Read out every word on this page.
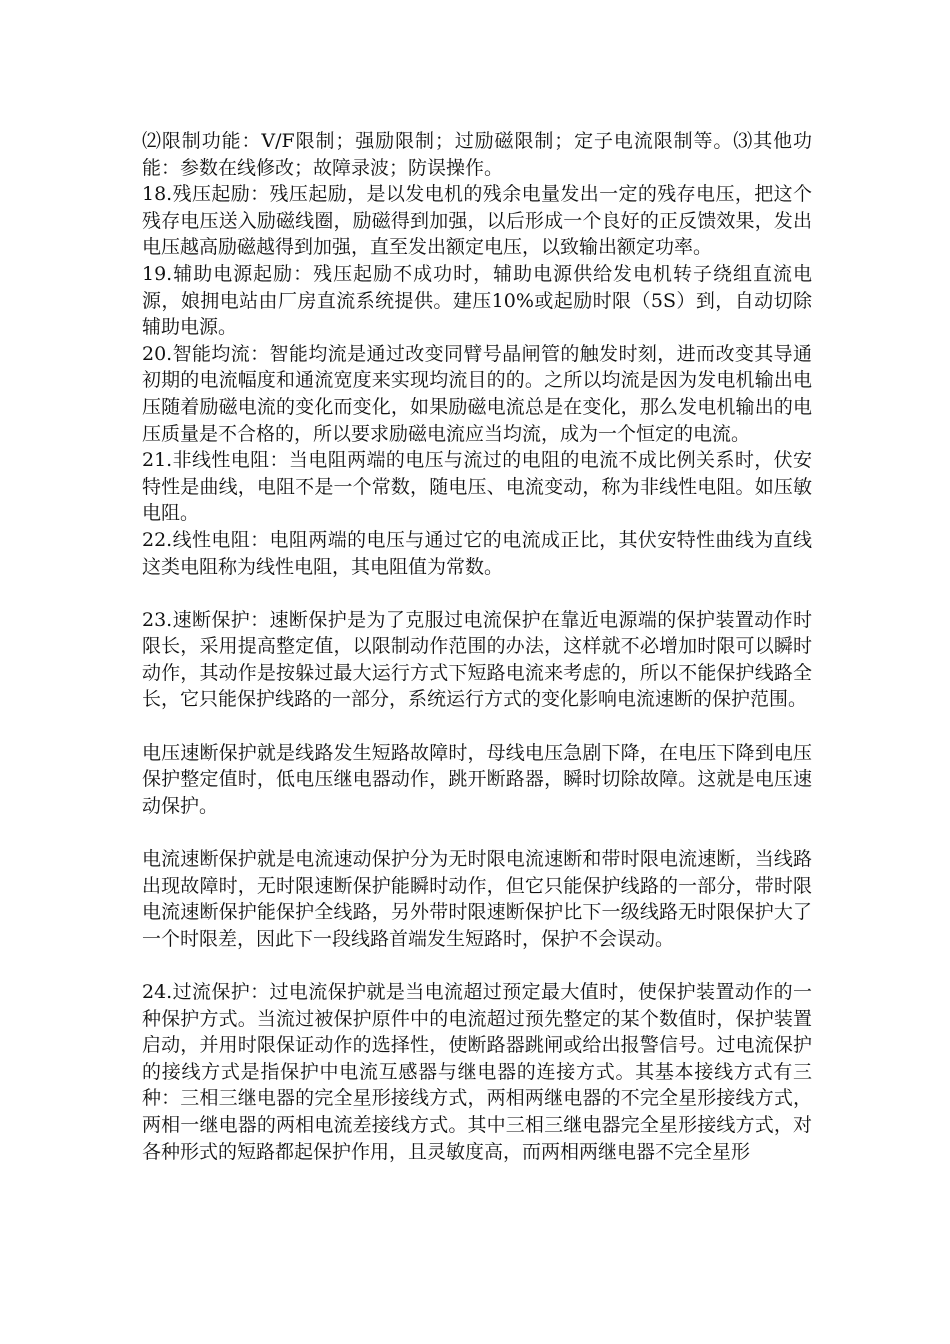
⑵限制功能：V/F限制；强励限制；过励磁限制；定子电流限制等。⑶其他功能：参数在线修改；故障录波；防误操作。

18.残压起励：残压起励，是以发电机的残余电量发出一定的残存电压，把这个残存电压送入励磁线圈，励磁得到加强，以后形成一个良好的正反馈效果，发出电压越高励磁越得到加强，直至发出额定电压，以致输出额定功率。

19.辅助电源起励：残压起励不成功时，辅助电源供给发电机转子绕组直流电源，娘拥电站由厂房直流系统提供。建压10%或起励时限（5S）到，自动切除辅助电源。

20.智能均流：智能均流是通过改变同臂号晶闸管的触发时刻，进而改变其导通初期的电流幅度和通流宽度来实现均流目的的。之所以均流是因为发电机输出电压随着励磁电流的变化而变化，如果励磁电流总是在变化，那么发电机输出的电压质量是不合格的，所以要求励磁电流应当均流，成为一个恒定的电流。

21.非线性电阻：当电阻两端的电压与流过的电阻的电流不成比例关系时，伏安特性是曲线，电阻不是一个常数，随电压、电流变动，称为非线性电阻。如压敏电阻。

22.线性电阻：电阻两端的电压与通过它的电流成正比，其伏安特性曲线为直线这类电阻称为线性电阻，其电阻值为常数。

23.速断保护：速断保护是为了克服过电流保护在靠近电源端的保护装置动作时限长，采用提高整定值，以限制动作范围的办法，这样就不必增加时限可以瞬时动作，其动作是按躲过最大运行方式下短路电流来考虑的，所以不能保护线路全长，它只能保护线路的一部分，系统运行方式的变化影响电流速断的保护范围。

电压速断保护就是线路发生短路故障时，母线电压急剧下降，在电压下降到电压保护整定值时，低电压继电器动作，跳开断路器，瞬时切除故障。这就是电压速动保护。

电流速断保护就是电流速动保护分为无时限电流速断和带时限电流速断，当线路出现故障时，无时限速断保护能瞬时动作，但它只能保护线路的一部分，带时限电流速断保护能保护全线路，另外带时限速断保护比下一级线路无时限保护大了一个时限差，因此下一段线路首端发生短路时，保护不会误动。

24.过流保护：过电流保护就是当电流超过预定最大值时，使保护装置动作的一种保护方式。当流过被保护原件中的电流超过预先整定的某个数值时，保护装置启动，并用时限保证动作的选择性，使断路器跳闸或给出报警信号。过电流保护的接线方式是指保护中电流互感器与继电器的连接方式。其基本接线方式有三种：三相三继电器的完全星形接线方式，两相两继电器的不完全星形接线方式，两相一继电器的两相电流差接线方式。其中三相三继电器完全星形接线方式，对各种形式的短路都起保护作用，且灵敏度高，而两相两继电器不完全星形
